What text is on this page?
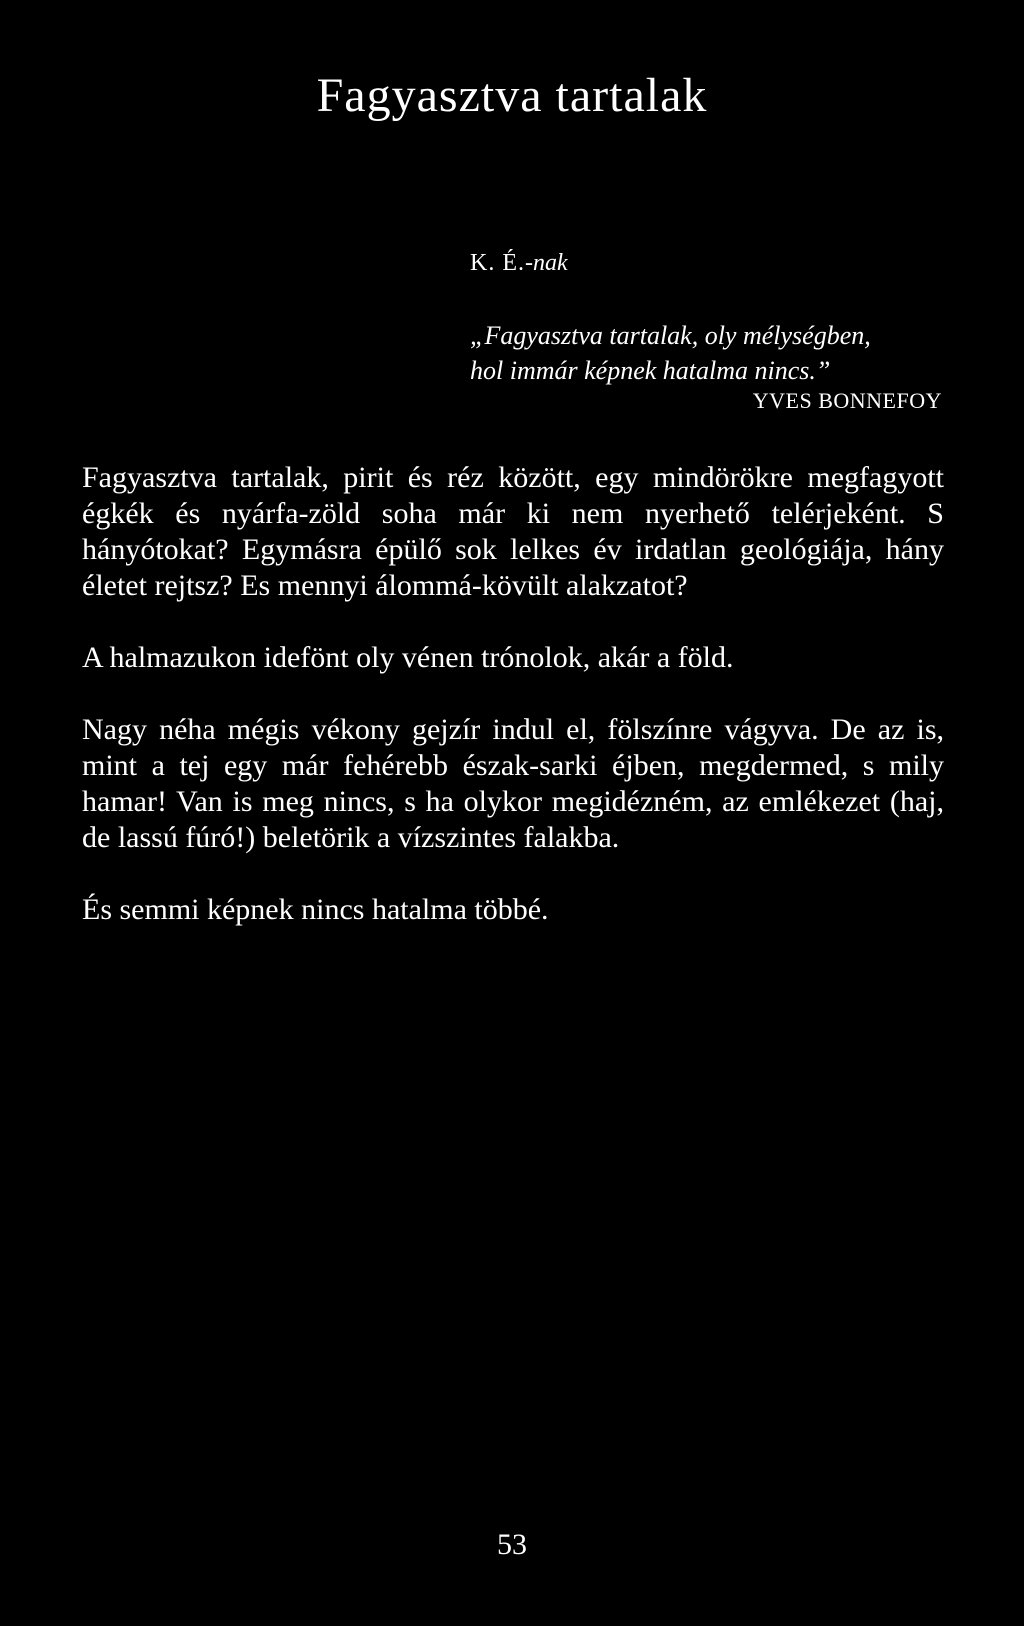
Fagyasztva tartalak
K. É.-nak
„Fagyasztva tartalak, oly mélységben,
hol immár képnek hatalma nincs.”
YVES BONNEFOY

Fagyasztva tartalak, pirit és réz között, egy mindörökre megfagyott égkék és nyárfa-zöld soha már ki nem nyerhető telérjeként. S hányótokat? Egymásra épülő sok lelkes év irdatlan geológiája, hány életet rejtsz? Es mennyi álommá-kövült alakzatot?

A halmazukon idefönt oly vénen trónolok, akár a föld.

Nagy néha mégis vékony gejzír indul el, fölszínre vágyva. De az is, mint a tej egy már fehérebb észak-sarki éjben, megdermed, s mily hamar! Van is meg nincs, s ha olykor megidézném, az emlékezet (haj, de lassú fúró!) beletörik a vízszintes falakba.

És semmi képnek nincs hatalma többé.

53
